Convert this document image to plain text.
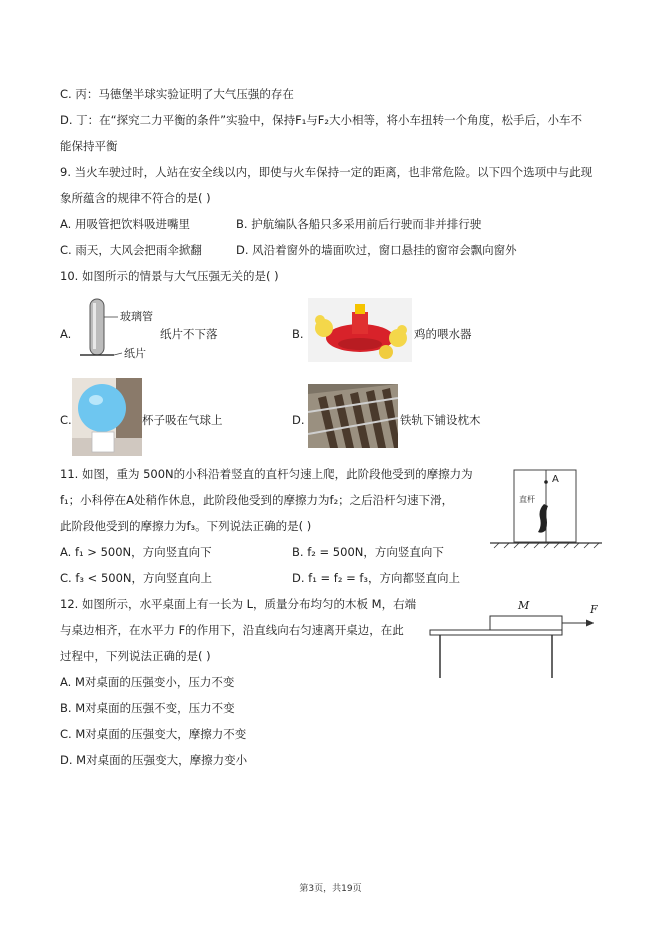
C. 丙：马德堡半球实验证明了大气压强的存在
D. 丁：在“探究二力平衡的条件”实验中，保持F₁与F₂大小相等，将小车扭转一个角度，松手后，小车不
能保持平衡
9. 当火车驶过时，人站在安全线以内，即使与火车保持一定的距离，也非常危险。以下四个选项中与此现
象所蕴含的规律不符合的是( )
A. 用吸管把饮料吸进嘴里	B. 护航编队各船只多采用前后行驶而非并排行驶
C. 雨天，大风会把雨伞掀翻	D. 风沿着窗外的墙面吹过，窗口悬挂的窗帘会飘向窗外
10. 如图所示的情景与大气压强无关的是( )
A.
玻璃管
纸片
纸片不下落	B.	鸡的喂水器
C.	杯子吸在气球上	D.	铁轨下铺设枕木
11. 如图，重为 500N的小科沿着竖直的直杆匀速上爬，此阶段他受到的摩擦力为
f₁；小科停在A处稍作休息，此阶段他受到的摩擦力为f₂；之后沿杆匀速下滑，
此阶段他受到的摩擦力为f₃。下列说法正确的是( )
A. f₁ > 500N，方向竖直向下	B. f₂ = 500N，方向竖直向下
C. f₃ < 500N，方向竖直向上	D. f₁ = f₂ = f₃，方向都竖直向上
A
直杆
12. 如图所示，水平桌面上有一长为 L，质量分布均匀的木板 M，右端
与桌边相齐，在水平力 F的作用下，沿直线向右匀速离开桌边，在此
过程中，下列说法正确的是( )
A. M对桌面的压强变小，压力不变
B. M对桌面的压强不变，压力不变
C. M对桌面的压强变大，摩擦力不变
D. M对桌面的压强变大，摩擦力变小
M	F
第3页，共19页
